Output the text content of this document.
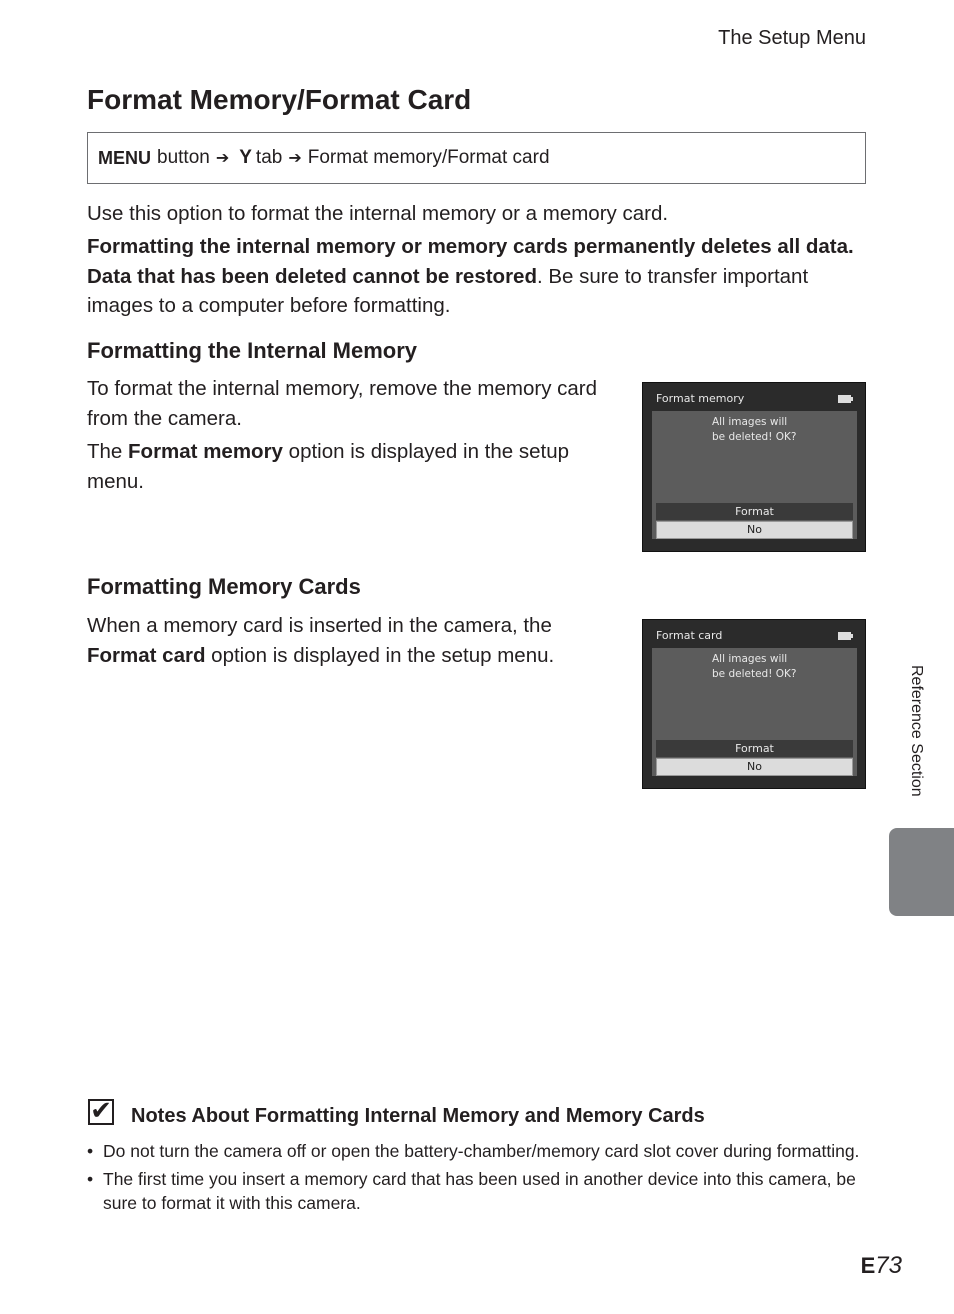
The Setup Menu
Format Memory/Format Card
MENU button ➔ Y tab ➔ Format memory/Format card

Use this option to format the internal memory or a memory card.

Formatting the internal memory or memory cards permanently deletes all data. Data that has been deleted cannot be restored. Be sure to transfer important images to a computer before formatting.

Formatting the Internal Memory

To format the internal memory, remove the memory card from the camera.

The Format memory option is displayed in the setup menu.

Format memory
All images will
be deleted! OK?
Format
No
Formatting Memory Cards

When a memory card is inserted in the camera, the Format card option is displayed in the setup menu.

Format card
All images will
be deleted! OK?
Format
No	Reference Section
✔ Notes About Formatting Internal Memory and Memory Cards
• Do not turn the camera off or open the battery-chamber/memory card slot cover during formatting.
• The first time you insert a memory card that has been used in another device into this camera, be sure to format it with this camera.
E73
